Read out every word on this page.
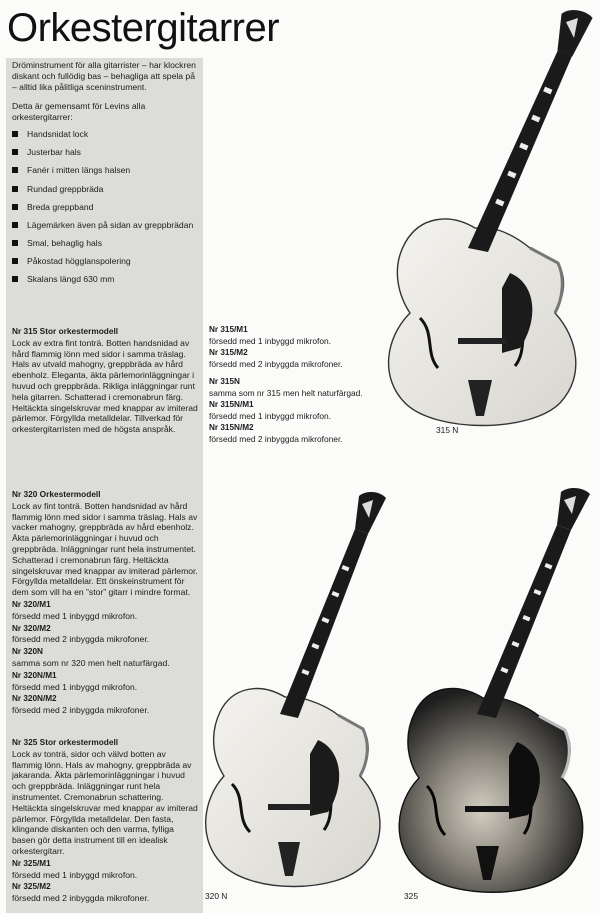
Orkestergitarrer

Dröminstrument för alla gitarrister – har klockren diskant och fullödig bas – behagliga att spela på – alltid lika pålitliga sceninstrument.

Detta är gemensamt för Levins alla orkestergitarrer:

Handsnidat lock
Justerbar hals
Fanér i mitten längs halsen
Rundad greppbräda
Breda greppband
Lägemärken även på sidan av greppbrädan
Smal, behaglig hals
Påkostad högglanspolering
Skalans längd 630 mm

Nr 315 Stor orkestermodell

Lock av extra fint tonträ. Botten handsnidad av hård flammig lönn med sidor i samma träslag. Hals av utvald mahogny, greppbräda av hård ebenholz. Eleganta, äkta pärlemorinläggningar i huvud och greppbräda. Rikliga inläggningar runt hela gitarren. Schatterad i cremonabrun färg. Heltäckta singelskruvar med knappar av imiterad pärlemor. Förgyllda metalldelar. Tillverkad för orkestergitarristen med de högsta anspråk.

Nr 320 Orkestermodell

Lock av fint tonträ. Botten handsnidad av hård flammig lönn med sidor i samma träslag. Hals av vacker mahogny, greppbräda av hård ebenholz. Äkta pärlemorinläggningar i huvud och greppbräda. Inläggningar runt hela instrumentet. Schatterad i cremonabrun färg. Heltäckta singelskruvar med knappar av imiterad pärlemor. Förgyllda metalldelar. Ett önskeinstrument för dem som vill ha en ”stor” gitarr i mindre format.

Nr 320/M1

försedd med 1 inbyggd mikrofon.

Nr 320/M2

försedd med 2 inbyggda mikrofoner.

Nr 320N

samma som nr 320 men helt naturfärgad.

Nr 320N/M1

försedd med 1 inbyggd mikrofon.

Nr 320N/M2

försedd med 2 inbyggda mikrofoner.

Nr 325 Stor orkestermodell

Lock av tonträ, sidor och välvd botten av flammig lönn. Hals av mahogny, greppbräda av jakaranda. Äkta pärlemorinläggningar i huvud och greppbräda. Inläggningar runt hela instrumentet. Cremonabrun schattering. Heltäckta singelskruvar med knappar av imiterad pärlemor. Förgyllda metalldelar. Den fasta, klingande diskanten och den varma, fylliga basen gör detta instrument till en idealisk orkestergitarr.

Nr 325/M1

försedd med 1 inbyggd mikrofon.

Nr 325/M2

försedd med 2 inbyggda mikrofoner.

Nr 315/M1

försedd med 1 inbyggd mikrofon.

Nr 315/M2

försedd med 2 inbyggda mikrofoner.

Nr 315N

samma som nr 315 men helt naturfärgad.

Nr 315N/M1

försedd med 1 inbyggd mikrofon.

Nr 315N/M2

försedd med 2 inbyggda mikrofoner.

315 N
320 N	325
